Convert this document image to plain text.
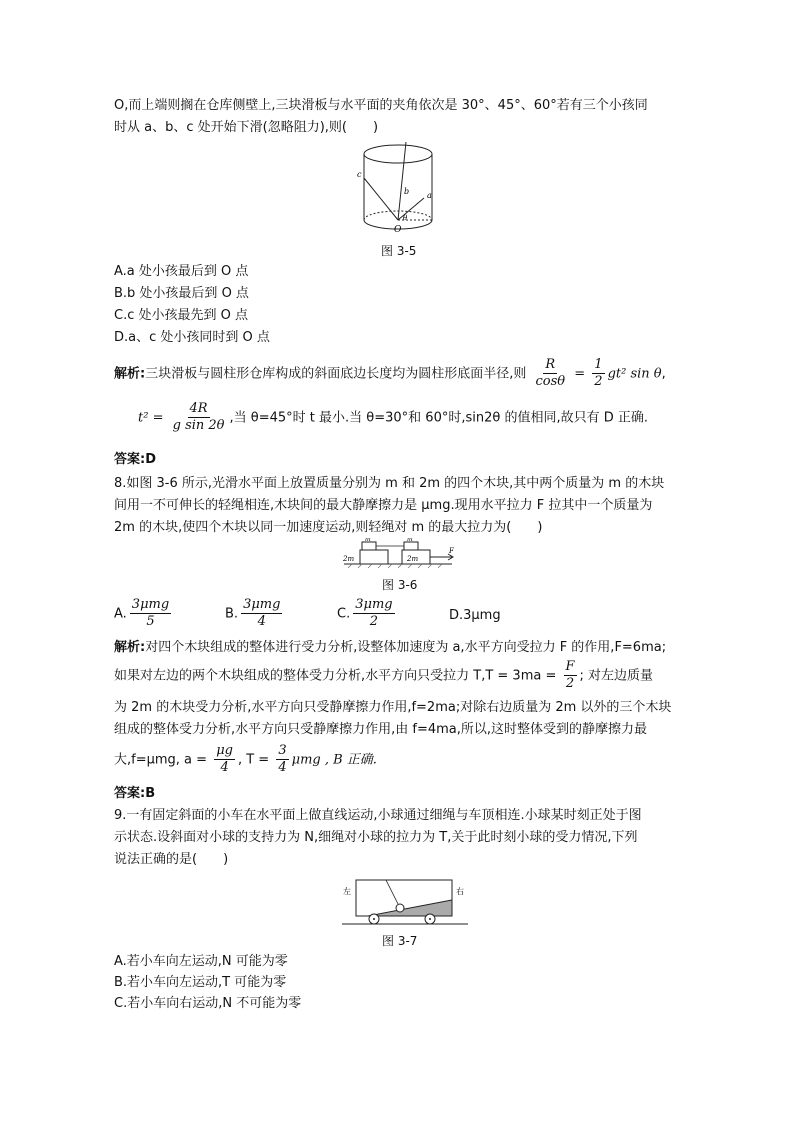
O,而上端则搁在仓库侧壁上,三块滑板与水平面的夹角依次是 30°、45°、60°若有三个小孩同
时从 a、b、c 处开始下滑(忽略阻力),则(　　)
c
b a
O
θ
图 3-5
A.a 处小孩最后到 O 点
B.b 处小孩最后到 O 点
C.c 处小孩最先到 O 点
D.a、c 处小孩同时到 O 点
解析:三块滑板与圆柱形仓库构成的斜面底边长度均为圆柱形底面半径,则 $\frac{R}{\cos\theta} = \frac{1}{2} gt^2$ sin θ,
$t^2 = \frac{4R}{\text{g sin 2θ}}$ ,当 θ=45°时 t 最小.当 θ=30°和 60°时,sin2θ 的值相同,故只有 D 正确.
答案:D
8.如图 3-6 所示,光滑水平面上放置质量分别为 m 和 2m 的四个木块,其中两个质量为 m 的木块
间用一不可伸长的轻绳相连,木块间的最大静摩擦力是 μmg.现用水平拉力 F 拉其中一个质量为
2m 的木块,使四个木块以同一加速度运动,则轻绳对 m 的最大拉力为(　　)
m	m
2m	2m
F
图 3-6
A. $\frac{\text{3μmg}}{5}$	B. $\frac{\text{3μmg}}{4}$	C. $\frac{\text{3μmg}}{2}$	D.3μmg
解析:对四个木块组成的整体进行受力分析,设整体加速度为 a,水平方向受拉力 F 的作用,F=6ma;
如果对左边的两个木块组成的整体受力分析,水平方向只受拉力 $T,T = 3ma = \frac{F}{2}$ ; 对左边质量
为 2m 的木块受力分析,水平方向只受静摩擦力作用,f=2ma;对除右边质量为 2m 以外的三个木块
组成的整体受力分析,水平方向只受静摩擦力作用,由 f=4ma,所以,这时整体受到的静摩擦力最
大,f=μmg, $a = \frac{\mu g}{4}$ , $T = \frac{3}{4}$ μmg , B 正确.
答案:B
9.一有固定斜面的小车在水平面上做直线运动,小球通过细绳与车顶相连.小球某时刻正处于图
示状态.设斜面对小球的支持力为 N,细绳对小球的拉力为 T,关于此时刻小球的受力情况,下列
说法正确的是(　　)
左	右
图 3-7
A.若小车向左运动,N 可能为零
B.若小车向左运动,T 可能为零
C.若小车向右运动,N 不可能为零
